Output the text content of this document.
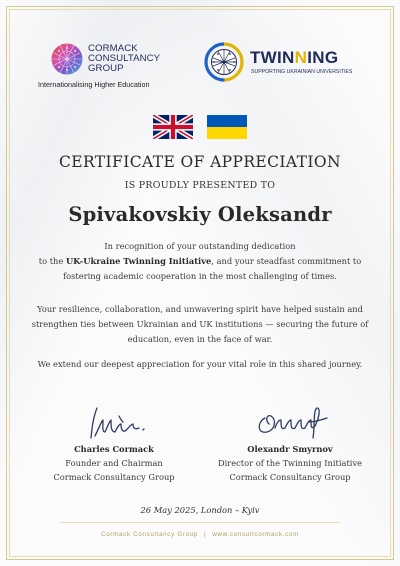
CORMACK
CONSULTANCY
GROUP
Internationalising Higher Education
TWINNING
SUPPORTING UKRAINIAN UNIVERSITIES

CERTIFICATE OF APPRECIATION
IS PROUDLY PRESENTED TO
Spivakovskiy Oleksandr
In recognition of your outstanding dedication
to the UK-Ukraine Twinning Initiative, and your steadfast commitment to
fostering academic cooperation in the most challenging of times.
Your resilience, collaboration, and unwavering spirit have helped sustain and
strengthen ties between Ukrainian and UK institutions — securing the future of
education, even in the face of war.
We extend our deepest appreciation for your vital role in this shared journey.
Charles Cormack
Founder and Chairman
Cormack Consultancy Group
Olexandr Smyrnov
Director of the Twinning Initiative
Cormack Consultancy Group
26 May 2025, London – Kyiv
Cormack Consultancy Group | www.consultcormack.com
